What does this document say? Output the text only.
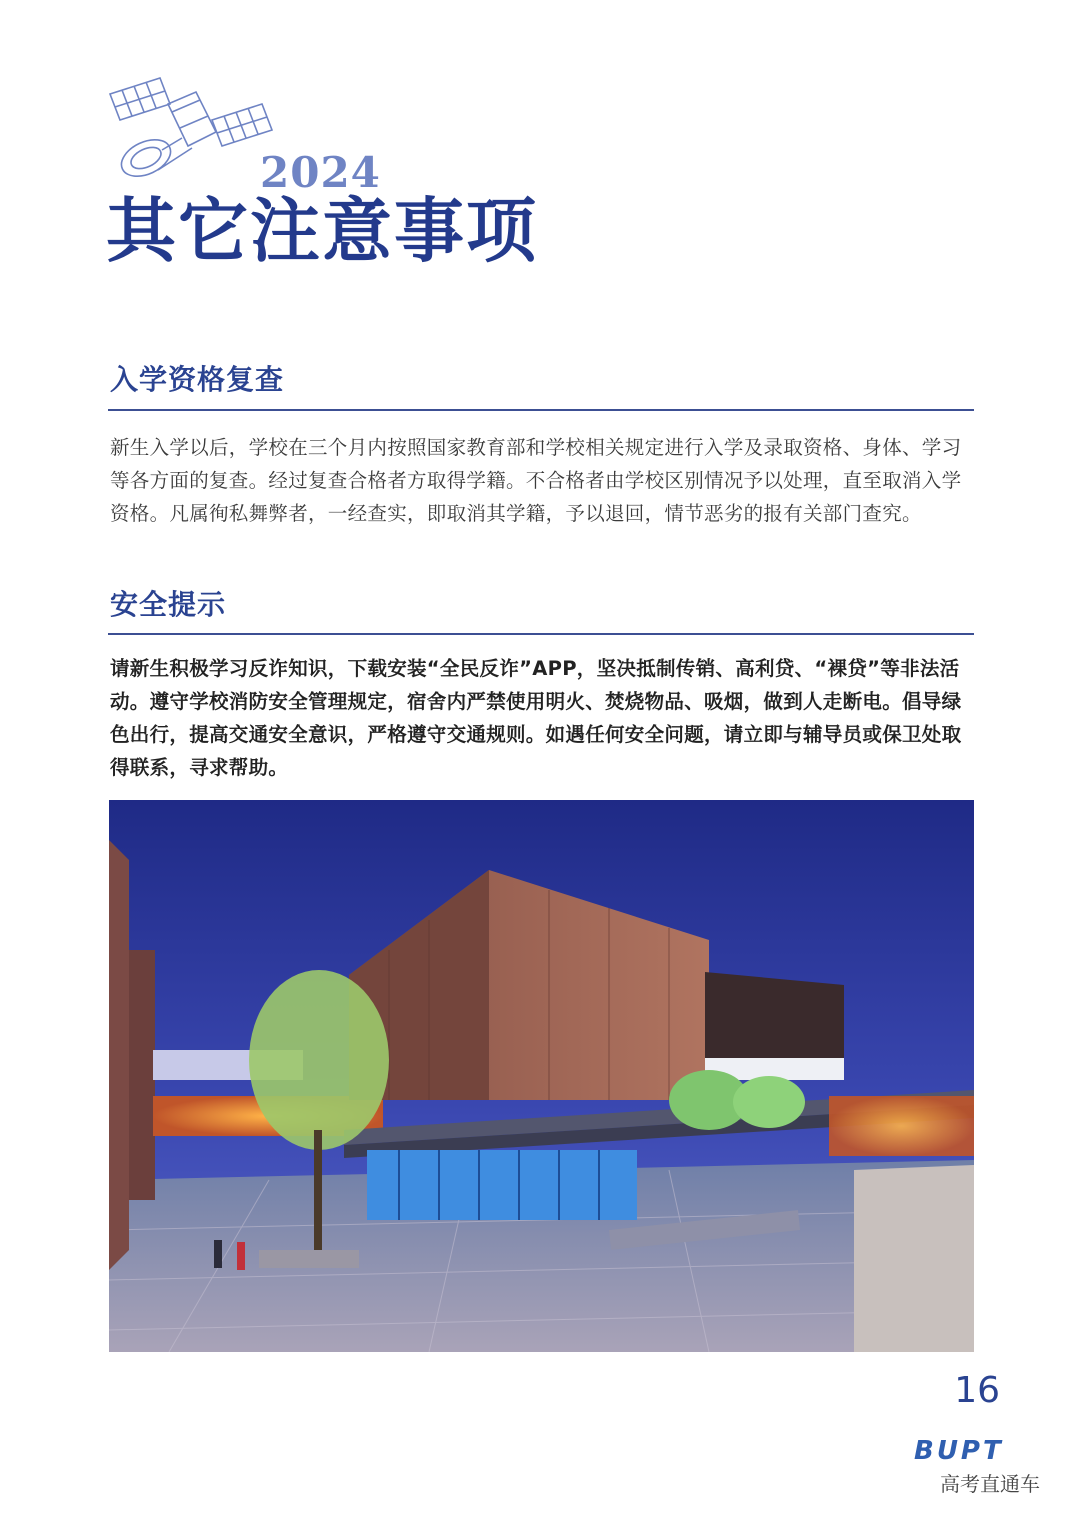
2024
其它注意事项
入学资格复查

新生入学以后，学校在三个月内按照国家教育部和学校相关规定进行入学及录取资格、身体、学习等各方面的复查。经过复查合格者方取得学籍。不合格者由学校区别情况予以处理，直至取消入学资格。凡属徇私舞弊者，一经查实，即取消其学籍，予以退回，情节恶劣的报有关部门查究。

安全提示

请新生积极学习反诈知识，下载安装“全民反诈”APP，坚决抵制传销、高利贷、“裸贷”等非法活动。遵守学校消防安全管理规定，宿舍内严禁使用明火、焚烧物品、吸烟，做到人走断电。倡导绿色出行，提高交通安全意识，严格遵守交通规则。如遇任何安全问题，请立即与辅导员或保卫处取得联系，寻求帮助。

16
BUPT
高考直通车
